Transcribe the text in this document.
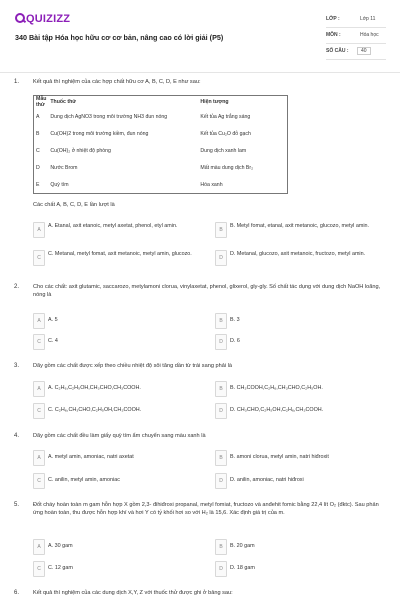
QUIZIZZ
340 Bài tập Hóa học hữu cơ cơ bản, nâng cao có lời giải (P5)
LỚP :	Lớp 11
MÔN :	Hóa học
SỐ CÂU :	40
1. Kết quả thí nghiệm của các hợp chất hữu cơ A, B, C, D, E như sau:
Mẫu thử	Thuốc thử	Hiện tượng
A	Dung dịch AgNO3 trong môi trường NH3 đun nóng	Kết tủa Ag trắng sáng
B	Cu(OH)2 trong môi trường kiềm, đun nóng	Kết tủa Cu₂O đỏ gạch
C	Cu(OH)₂ ở nhiệt độ phòng	Dung dịch xanh lam
D	Nước Brom	Mất màu dung dịch Br₂
E	Quỳ tím	Hóa xanh
Các chất A, B, C, D, E lần lượt là
A
A. Etanal, axit etanoic, metyl axetat, phenol, etyl amin.
B
B. Metyl fomat, etanal, axit metanoic, glucozo, metyl amin.
C
C. Metanal, metyl fomat, axit metanoic, metyl amin, glucozo.
D
D. Metanal, glucozo, axit metanoic, fructozo, metyl amin.
2. Cho các chất: axit glutamic, saccarozo, metylamoni clorua, vinylaxetat, phenol, glixerol, gly-gly. Số chất tác dụng với dung dịch NaOH loãng, nóng là
A	A. 5	B	B. 3
C	C. 4	D	D. 6
3. Dãy gồm các chất được xếp theo chiều nhiệt độ sôi tăng dần từ trái sang phải là
A	A. C₂H₆,C₂H₅OH,CH₃CHO,CH₃COOH.	B	B. CH₃COOH,C₂H₆,CH₃CHO,C₂H₅OH.
C	C. C₂H₆,CH₃CHO,C₂H₅OH,CH₃COOH.	D	D. CH₃CHO,C₂H₅OH,C₂H₆,CH₃COOH.
4. Dãy gồm các chất đều làm giấy quỳ tím ẩm chuyển sang màu xanh là
A	A. metyl amin, amoniac, natri axetat	B	B. amoni clorua, metyl amin, natri hiđroxit
C	C. anilin, metyl amin, amoniac	D	D. anilin, amoniac, natri hiđroxi
5. Đốt cháy hoàn toàn m gam hỗn hợp X gồm 2,3- đihiđroxi propanal, metyl fomiat, fructozo và anđehit fomic bằng 22,4 lít O₂ (đktc). Sau phản ứng hoàn toàn, thu được hỗn hợp khí và hơi Y có tỷ khối hơi so với H₂ là 15,6. Xác định giá trị của m.
A	A. 30 gam	B	B. 20 gam
C	C. 12 gam	D	D. 18 gam
6. Kết quả thí nghiệm của các dung dịch X,Y, Z với thuốc thử được ghi ở bảng sau:
